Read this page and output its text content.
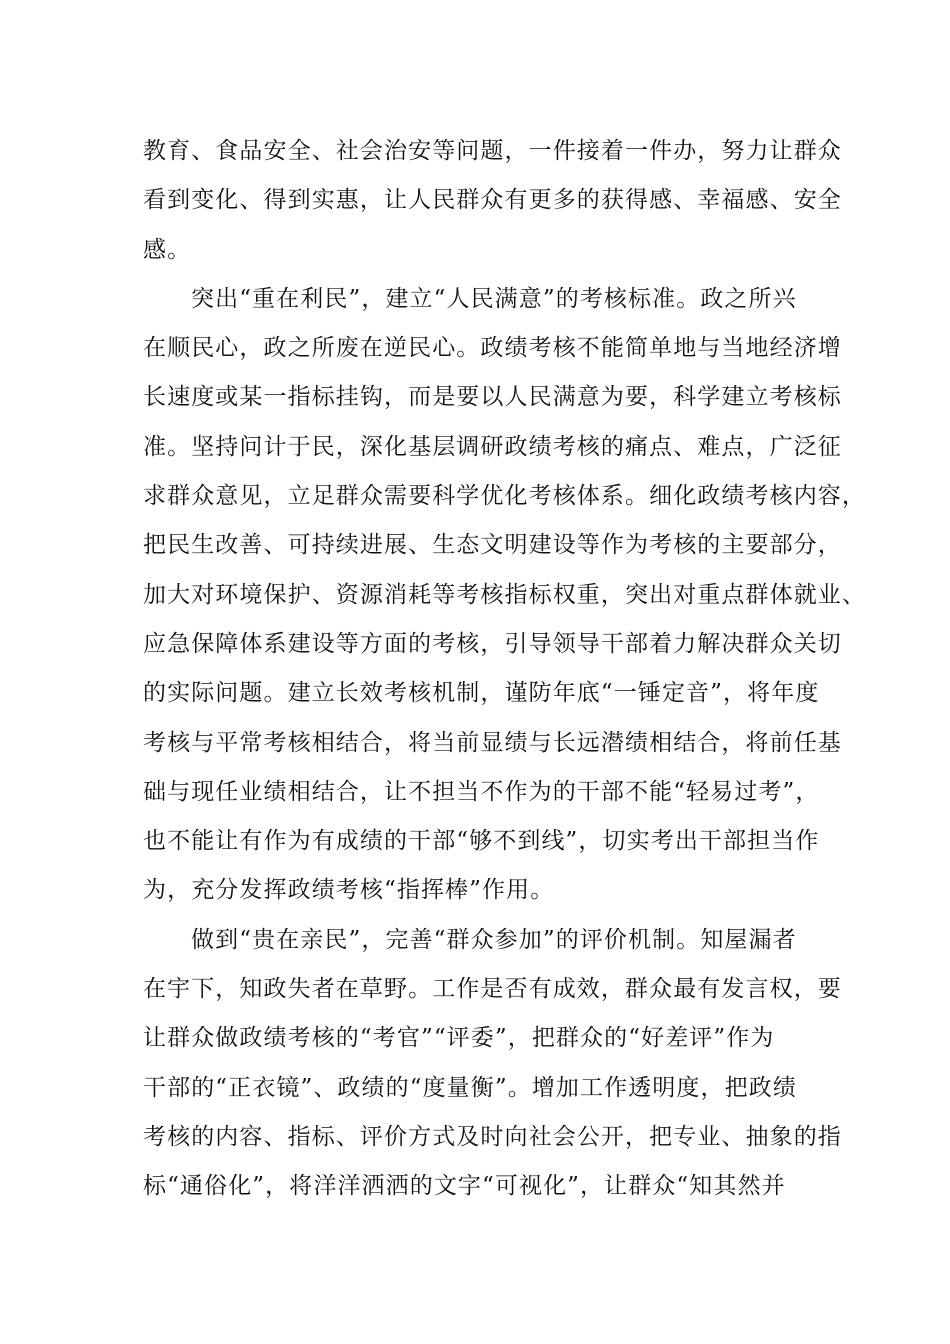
教育、食品安全、社会治安等问题，一件接着一件办，努力让群众
看到变化、得到实惠，让人民群众有更多的获得感、幸福感、安全
感。
突出“重在利民”，建立“人民满意”的考核标准。政之所兴
在顺民心，政之所废在逆民心。政绩考核不能简单地与当地经济增
长速度或某一指标挂钩，而是要以人民满意为要，科学建立考核标
准。坚持问计于民，深化基层调研政绩考核的痛点、难点，广泛征
求群众意见，立足群众需要科学优化考核体系。细化政绩考核内容，
把民生改善、可持续进展、生态文明建设等作为考核的主要部分，
加大对环境保护、资源消耗等考核指标权重，突出对重点群体就业、
应急保障体系建设等方面的考核，引导领导干部着力解决群众关切
的实际问题。建立长效考核机制，谨防年底“一锤定音”，将年度
考核与平常考核相结合，将当前显绩与长远潜绩相结合，将前任基
础与现任业绩相结合，让不担当不作为的干部不能“轻易过考”，
也不能让有作为有成绩的干部“够不到线”，切实考出干部担当作
为，充分发挥政绩考核“指挥棒”作用。
做到“贵在亲民”，完善“群众参加”的评价机制。知屋漏者
在宇下，知政失者在草野。工作是否有成效，群众最有发言权，要
让群众做政绩考核的“考官”“评委”，把群众的“好差评”作为
干部的“正衣镜”、政绩的“度量衡”。增加工作透明度，把政绩
考核的内容、指标、评价方式及时向社会公开，把专业、抽象的指
标“通俗化”，将洋洋洒洒的文字“可视化”，让群众“知其然并
